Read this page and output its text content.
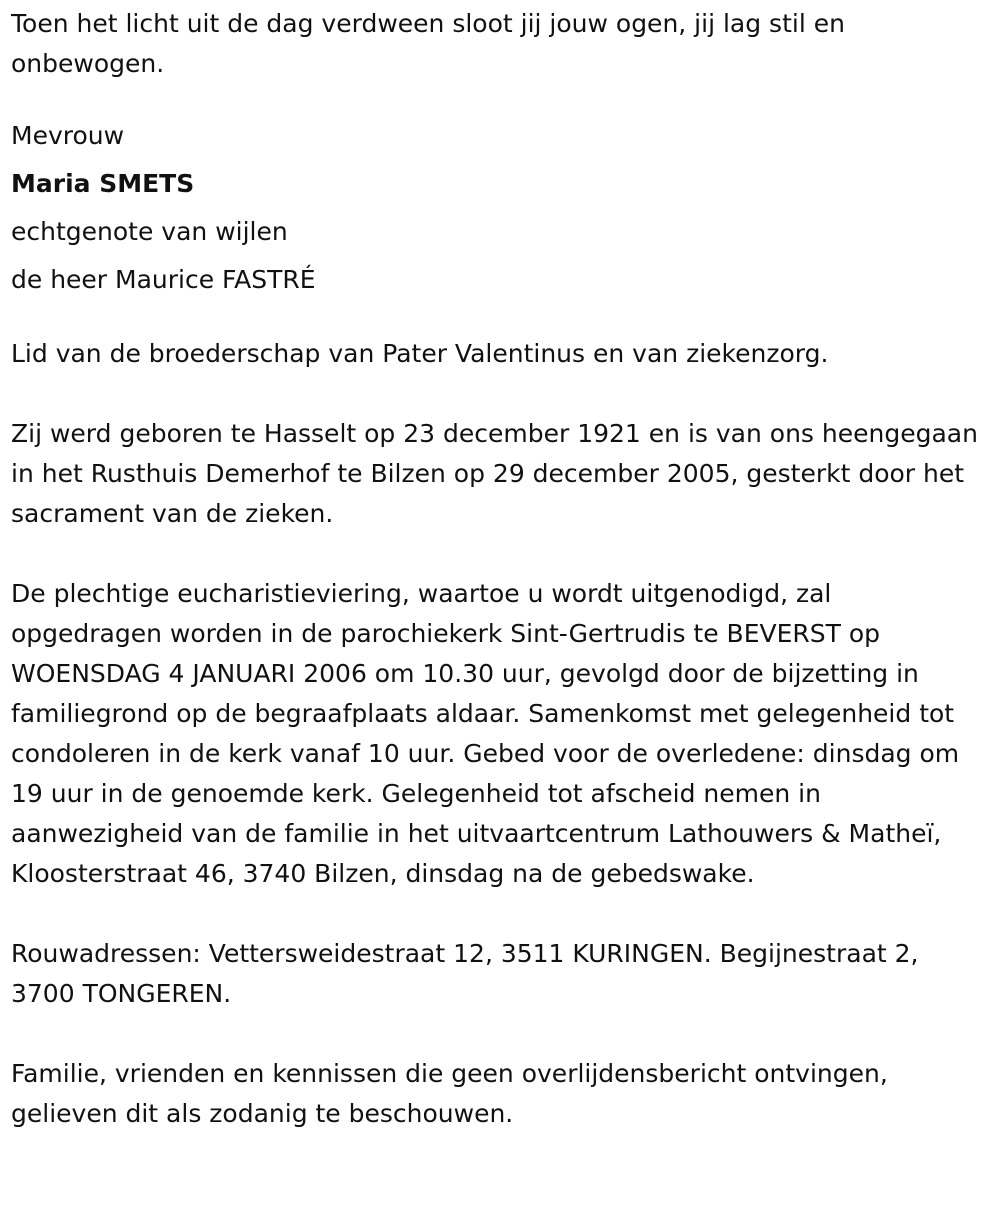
Toen het licht uit de dag verdween sloot jij jouw ogen, jij lag stil en onbewogen.

Mevrouw
Maria SMETS
echtgenote van wijlen
de heer Maurice FASTRÉ

Lid van de broederschap van Pater Valentinus en van ziekenzorg.

Zij werd geboren te Hasselt op 23 december 1921 en is van ons heengegaan in het Rusthuis Demerhof te Bilzen op 29 december 2005, gesterkt door het sacrament van de zieken.

De plechtige eucharistieviering, waartoe u wordt uitgenodigd, zal opgedragen worden in de parochiekerk Sint-Gertrudis te BEVERST op WOENSDAG 4 JANUARI 2006 om 10.30 uur, gevolgd door de bijzetting in familiegrond op de begraafplaats aldaar. Samenkomst met gelegenheid tot condoleren in de kerk vanaf 10 uur. Gebed voor de overledene: dinsdag om 19 uur in de genoemde kerk. Gelegenheid tot afscheid nemen in aanwezigheid van de familie in het uitvaartcentrum Lathouwers & Matheï, Kloosterstraat 46, 3740 Bilzen, dinsdag na de gebedswake.

Rouwadressen: Vettersweidestraat 12, 3511 KURINGEN. Begijnestraat 2, 3700 TONGEREN.

Familie, vrienden en kennissen die geen overlijdensbericht ontvingen, gelieven dit als zodanig te beschouwen.
